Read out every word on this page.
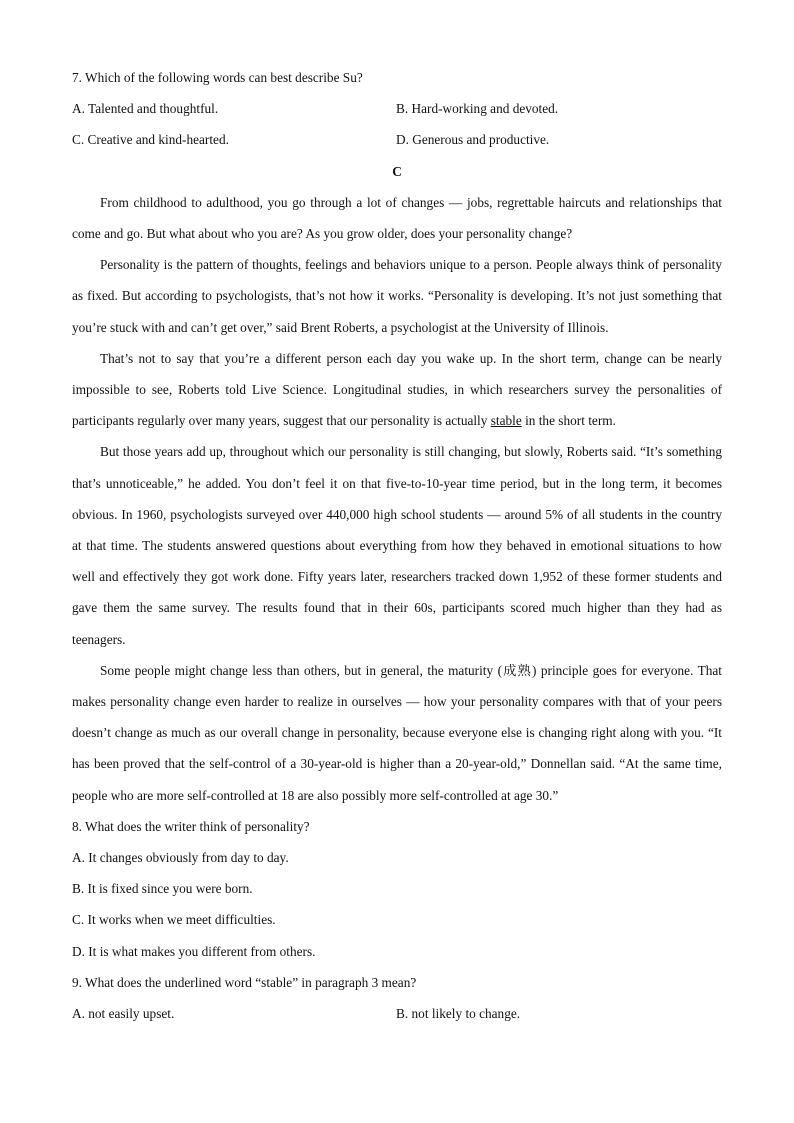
7. Which of the following words can best describe Su?

A. Talented and thoughtful.	B. Hard-working and devoted.
C. Creative and kind-hearted.	D. Generous and productive.

C

From childhood to adulthood, you go through a lot of changes — jobs, regrettable haircuts and relationships that come and go. But what about who you are? As you grow older, does your personality change?

Personality is the pattern of thoughts, feelings and behaviors unique to a person. People always think of personality as fixed. But according to psychologists, that’s not how it works. “Personality is developing. It’s not just something that you’re stuck with and can’t get over,” said Brent Roberts, a psychologist at the University of Illinois.

That’s not to say that you’re a different person each day you wake up. In the short term, change can be nearly impossible to see, Roberts told Live Science. Longitudinal studies, in which researchers survey the personalities of participants regularly over many years, suggest that our personality is actually stable in the short term.

But those years add up, throughout which our personality is still changing, but slowly, Roberts said. “It’s something that’s unnoticeable,” he added. You don’t feel it on that five-to-10-year time period, but in the long term, it becomes obvious. In 1960, psychologists surveyed over 440,000 high school students — around 5% of all students in the country at that time. The students answered questions about everything from how they behaved in emotional situations to how well and effectively they got work done. Fifty years later, researchers tracked down 1,952 of these former students and gave them the same survey. The results found that in their 60s, participants scored much higher than they had as teenagers.

Some people might change less than others, but in general, the maturity (成熟) principle goes for everyone. That makes personality change even harder to realize in ourselves — how your personality compares with that of your peers doesn’t change as much as our overall change in personality, because everyone else is changing right along with you. “It has been proved that the self-control of a 30-year-old is higher than a 20-year-old,” Donnellan said. “At the same time, people who are more self-controlled at 18 are also possibly more self-controlled at age 30.”

8. What does the writer think of personality?

A. It changes obviously from day to day.

B. It is fixed since you were born.

C. It works when we meet difficulties.

D. It is what makes you different from others.

9. What does the underlined word “stable” in paragraph 3 mean?

A. not easily upset.	B. not likely to change.
